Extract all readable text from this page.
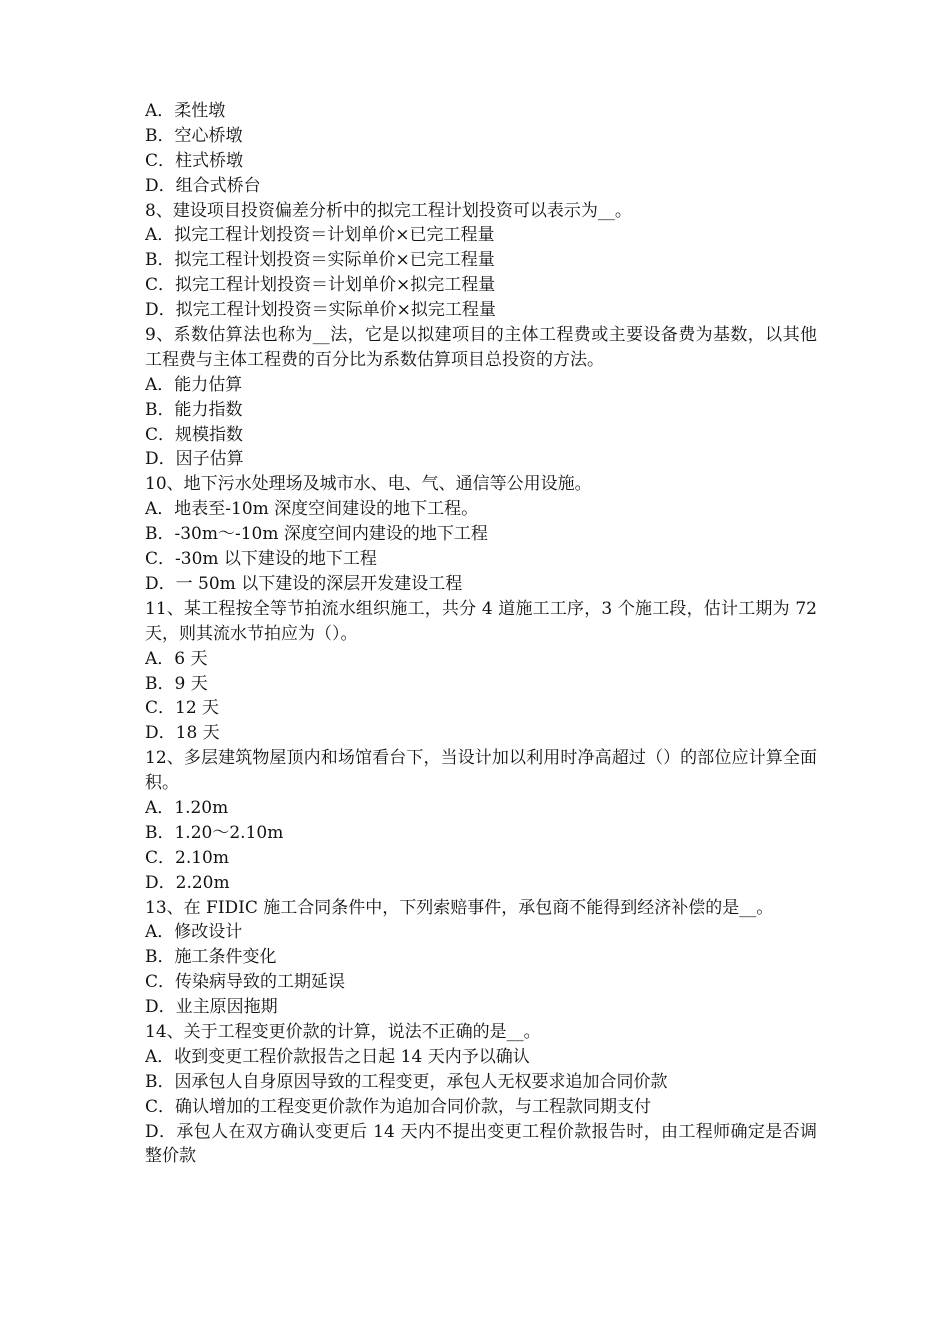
A．柔性墩

B．空心桥墩

C．柱式桥墩

D．组合式桥台

8、建设项目投资偏差分析中的拟完工程计划投资可以表示为__。

A．拟完工程计划投资＝计划单价×已完工程量

B．拟完工程计划投资＝实际单价×已完工程量

C．拟完工程计划投资＝计划单价×拟完工程量

D．拟完工程计划投资＝实际单价×拟完工程量

9、系数估算法也称为__法，它是以拟建项目的主体工程费或主要设备费为基数，以其他工程费与主体工程费的百分比为系数估算项目总投资的方法。

A．能力估算

B．能力指数

C．规模指数

D．因子估算

10、地下污水处理场及城市水、电、气、通信等公用设施。

A．地表至-10m 深度空间建设的地下工程。

B．-30m～-10m 深度空间内建设的地下工程

C．-30m 以下建设的地下工程

D．一 50m 以下建设的深层开发建设工程

11、某工程按全等节拍流水组织施工，共分 4 道施工工序，3 个施工段，估计工期为 72 天，则其流水节拍应为（）。

A．6 天

B．9 天

C．12 天

D．18 天

12、多层建筑物屋顶内和场馆看台下，当设计加以利用时净高超过（）的部位应计算全面积。

A．1.20m

B．1.20～2.10m

C．2.10m

D．2.20m

13、在 FIDIC 施工合同条件中，下列索赔事件，承包商不能得到经济补偿的是__。

A．修改设计

B．施工条件变化

C．传染病导致的工期延误

D．业主原因拖期

14、关于工程变更价款的计算，说法不正确的是__。

A．收到变更工程价款报告之日起 14 天内予以确认

B．因承包人自身原因导致的工程变更，承包人无权要求追加合同价款

C．确认增加的工程变更价款作为追加合同价款，与工程款同期支付

D．承包人在双方确认变更后 14 天内不提出变更工程价款报告时，由工程师确定是否调整价款
